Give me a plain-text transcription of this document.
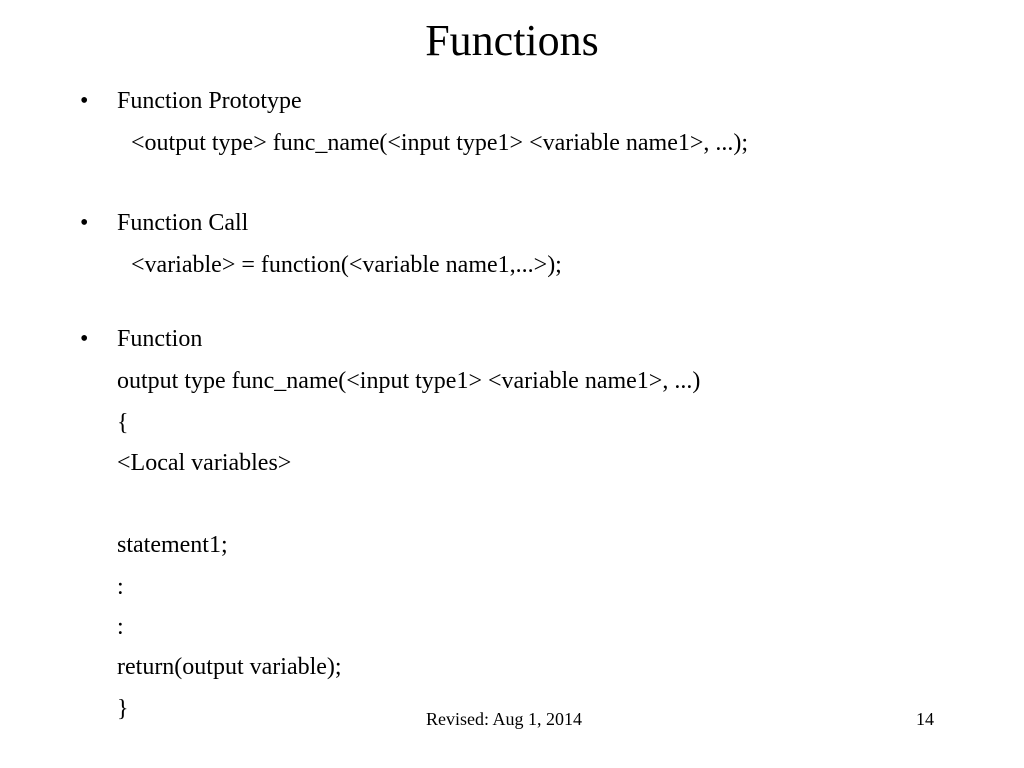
Functions
• Function Prototype
<output type> func_name(<input type1> <variable name1>, ...);
• Function Call
<variable> = function(<variable name1,...>);
• Function
output type func_name(<input type1> <variable name1>, ...)
{
<Local variables>
statement1;
:
:
return(output variable);
}	Revised: Aug 1, 2014	14
